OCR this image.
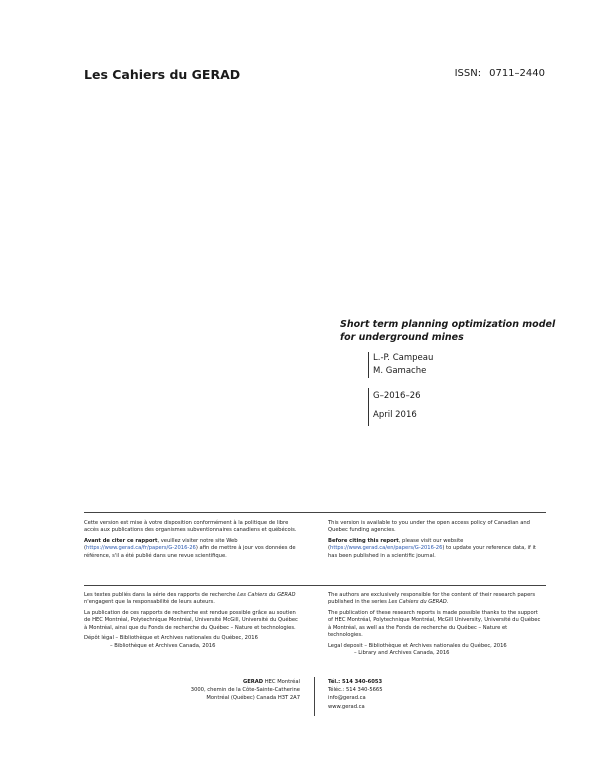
Les Cahiers du GERAD	ISSN: 0711–2440
Short term planning optimization model
for underground mines
L.-P. Campeau
M. Gamache
G–2016–26
April 2016

Cette version est mise à votre disposition conformément à la politique de libre accès aux publications des organismes subventionnaires canadiens et québécois.

Avant de citer ce rapport, veuillez visiter notre site Web (https://www.gerad.ca/fr/papers/G-2016-26) afin de mettre à jour vos données de référence, s'il a été publié dans une revue scientifique.

This version is available to you under the open access policy of Canadian and Quebec funding agencies.

Before citing this report, please visit our website (https://www.gerad.ca/en/papers/G-2016-26) to update your reference data, if it has been published in a scientific journal.

Les textes publiés dans la série des rapports de recherche Les Cahiers du GERAD n'engagent que la responsabilité de leurs auteurs.

La publication de ces rapports de recherche est rendue possible grâce au soutien de HEC Montréal, Polytechnique Montréal, Université McGill, Université du Québec à Montréal, ainsi que du Fonds de recherche du Québec – Nature et technologies.

Dépôt légal – Bibliothèque et Archives nationales du Québec, 2016
– Bibliothèque et Archives Canada, 2016

The authors are exclusively responsible for the content of their research papers published in the series Les Cahiers du GERAD.

The publication of these research reports is made possible thanks to the support of HEC Montréal, Polytechnique Montréal, McGill University, Université du Québec à Montréal, as well as the Fonds de recherche du Québec – Nature et technologies.

Legal deposit – Bibliothèque et Archives nationales du Québec, 2016
– Library and Archives Canada, 2016

GERAD HEC Montréal
3000, chemin de la Côte-Sainte-Catherine
Montréal (Québec) Canada H3T 2A7
Tél.: 514 340-6053
Téléc.: 514 340-5665
info@gerad.ca
www.gerad.ca
